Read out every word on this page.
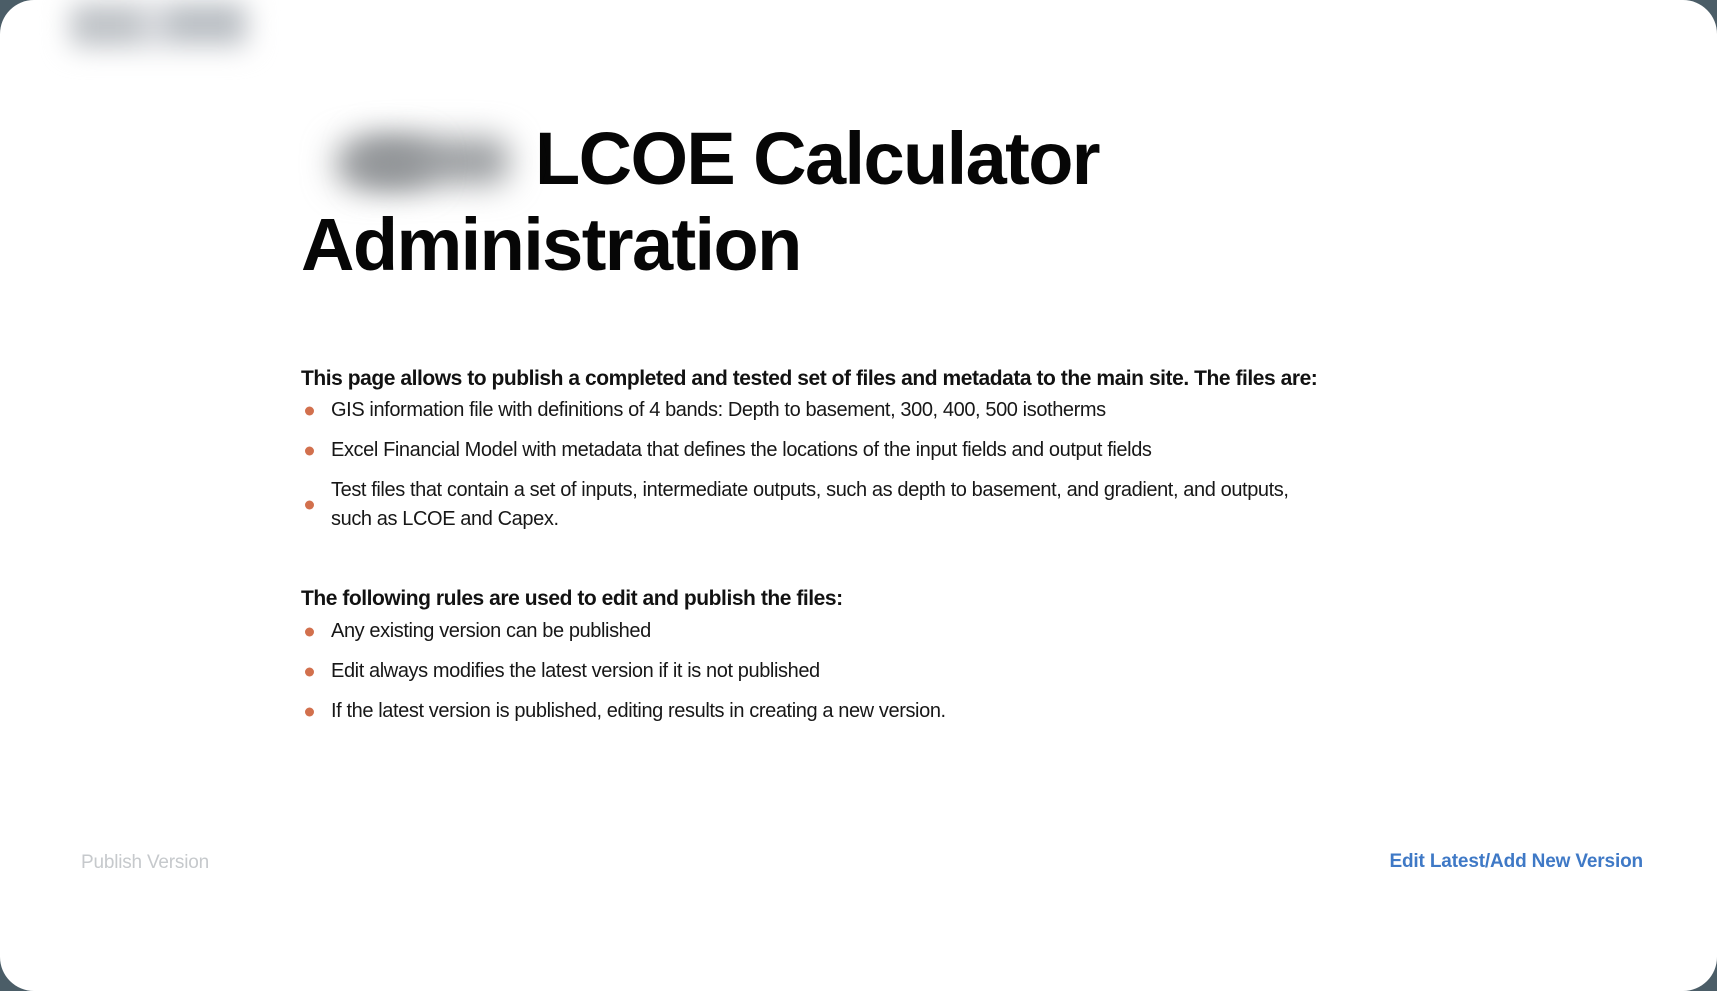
LCOE Calculator Administration

This page allows to publish a completed and tested set of files and metadata to the main site. The files are:

GIS information file with definitions of 4 bands: Depth to basement, 300, 400, 500 isotherms
Excel Financial Model with metadata that defines the locations of the input fields and output fields
Test files that contain a set of inputs, intermediate outputs, such as depth to basement, and gradient, and outputs, such as LCOE and Capex.

The following rules are used to edit and publish the files:

Any existing version can be published
Edit always modifies the latest version if it is not published
If the latest version is published, editing results in creating a new version.
Publish Version	Edit Latest/Add New Version
